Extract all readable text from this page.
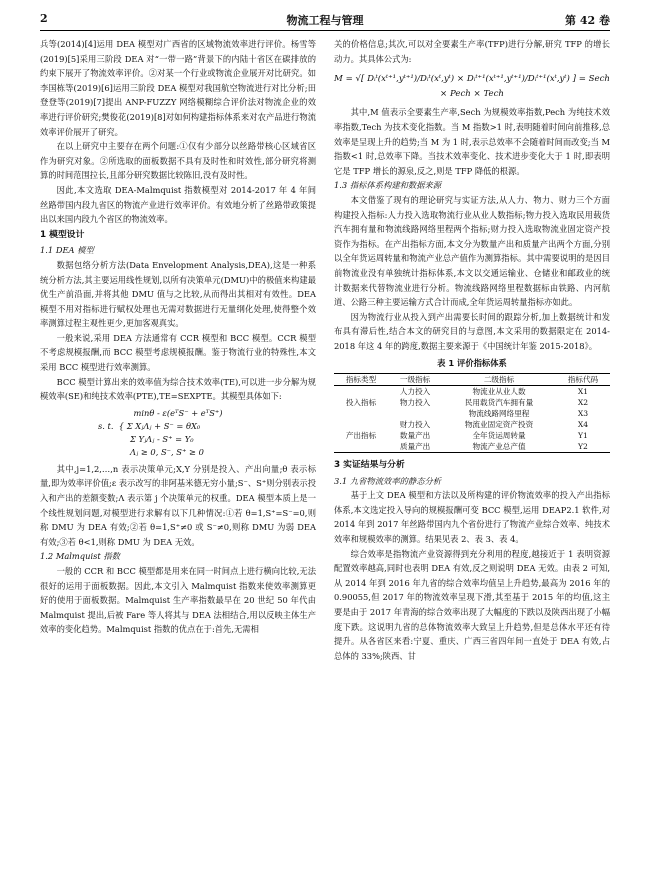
2	物流工程与管理	第 42 卷

兵等(2014)[4]运用 DEA 模型对广西省的区域物流效率进行评价。杨雪等(2019)[5]采用三阶段 DEA 对“一带一路”背景下的内陆十省区在碳排放的约束下展开了物流效率评价。②对某一个行业或物流企业展开对比研究。如李国栋等(2019)[6]运用三阶段 DEA 模型对我国航空物流进行对比分析;田登登等(2019)[7]提出 ANP-FUZZY 网络模糊综合评价法对物流企业的效率进行评价研究;樊俊花(2019)[8]对如何构建指标体系来对农产品进行物流效率评价展开了研究。

在以上研究中主要存在两个问题:①仅有少部分以丝路带核心区域省区作为研究对象。②所选取的面板数据不具有及时性和时效性,部分研究将测算的时间范围拉长,且部分研究数据比较陈旧,没有及时性。

因此,本文选取 DEA-Malmquist 指数模型对 2014-2017 年 4 年间丝路带国内段九省区的物流产业进行效率评价。有效地分析了丝路带政策提出以来国内段九个省区的物流效率。

1 模型设计
1.1 DEA 模型

数据包络分析方法(Data Envelopment Analysis,DEA),这是一种系统分析方法,其主要运用线性规划,以所有决策单元(DMU)中的极值来构建最优生产前沿面,并将其他 DMU 值与之比较,从而得出其相对有效性。DEA 模型不用对指标进行赋权处理也无需对数据进行无量纲化处理,使得整个效率测算过程主观性更少,更加客观真实。

一般来说,采用 DEA 方法通常有 CCR 模型和 BCC 模型。CCR 模型不考虑规模报酬,而 BCC 模型考虑规模报酬。鉴于物流行业的特殊性,本文采用 BCC 模型进行效率测算。

BCC 模型计算出来的效率值为综合技术效率(TE),可以进一步分解为规模效率(SE)和纯技术效率(PTE),TE=SEXPTE。其模型具体如下:

minθ - ε(eᵀS⁻ + eᵀS⁺)
s. t.  { Σ XⱼΛⱼ + S⁻ = θX₀
Σ YⱼΛⱼ - S⁺ = Y₀
Λⱼ ≥ 0, S⁻, S⁺ ≥ 0

其中,j=1,2,…,n 表示决策单元;X,Y 分别是投入、产出向量;θ 表示标量,即为效率评价值;ε 表示改写的非阿基米德无穷小量;S⁻、S⁺则分别表示投入和产出的差额变数;Λ 表示第 j 个决策单元的权重。DEA 模型本质上是一个线性规划问题,对模型进行求解有以下几种情况:①若 θ=1,S⁺=S⁻=0,则称 DMU 为 DEA 有效;②若 θ=1,S⁺≠0 或 S⁻≠0,则称 DMU 为弱 DEA 有效;③若 θ<1,则称 DMU 为 DEA 无效。

1.2 Malmquist 指数

一般的 CCR 和 BCC 模型都是用来在同一时间点上进行横向比较,无法很好的运用于面板数据。因此,本文引入 Malmquist 指数来使效率测算更好的使用于面板数据。Malmquist 生产率指数最早在 20 世纪 50 年代由 Malmquist 提出,后被 Fare 等人将其与 DEA 法相结合,用以反映主体生产效率的变化趋势。Malmquist 指数的优点在于:首先,无需相

关的价格信息;其次,可以对全要素生产率(TFP)进行分解,研究 TFP 的增长动力。其具体公式为:

M = √[ Dᵢᵗ(xᵗ⁺¹,yᵗ⁺¹)/Dᵢᵗ(xᵗ,yᵗ) × Dᵢᵗ⁺¹(xᵗ⁺¹,yᵗ⁺¹)/Dᵢᵗ⁺¹(xᵗ,yᵗ) ] = Sech × Pech × Tech

其中,M 值表示全要素生产率,Sech 为规模效率指数,Pech 为纯技术效率指数,Tech 为技术变化指数。当 M 指数>1 时,表明随着时间向前推移,总效率是呈现上升的趋势;当 M 为 1 时,表示总效率不会随着时间而改变;当 M 指数<1 时,总效率下降。当技术效率变化、技术进步变化大于 1 时,即表明它是 TFP 增长的源泉,反之,则是 TFP 降低的根源。

1.3 指标体系构建和数据来源

本文借鉴了现有的理论研究与实证方法,从人力、物力、财力三个方面构建投入指标:人力投入选取物流行业从业人数指标;物力投入选取民用载货汽车拥有量和物流线路网络里程两个指标;财力投入选取物流业固定资产投资作为指标。在产出指标方面,本文分为数量产出和质量产出两个方面,分别以全年货运周转量和物流产业总产值作为测算指标。其中需要说明的是因目前物流业没有单独统计指标体系,本文以交通运输业、仓储业和邮政业的统计数据来代替物流业进行分析。物流线路网络里程数据标由铁路、内河航道、公路三种主要运输方式合计而成,全年货运周转量指标亦如此。

因为物流行业从投入到产出需要长时间的跟踪分析,加上数据统计和发布具有滞后性,结合本文的研究目的与意图,本文采用的数据限定在 2014-2018 年这 4 年的跨度,数据主要来源于《中国统计年鉴 2015-2018》。

表 1 评价指标体系
指标类型	一级指标	二级指标	指标代码
	人力投入	物流业从业人数	X1
投入指标	物力投入	民用载货汽车拥有量	X2
		物流线路网络里程	X3
	财力投入	物流业固定资产投资	X4
产出指标	数量产出	全年货运周转量	Y1
	质量产出	物流产业总产值	Y2
3 实证结果与分析
3.1 九省物流效率的静态分析

基于上文 DEA 模型和方法以及所构建的评价物流效率的投入产出指标体系,本文选定投入导向的规模报酬可变 BCC 模型,运用 DEAP2.1 软件,对 2014 年到 2017 年丝路带国内九个省份进行了物流产业综合效率、纯技术效率和规模效率的测算。结果见表 2、表 3、表 4。

综合效率是指物流产业资源得到充分利用的程度,越接近于 1 表明资源配置效率越高,同时也表明 DEA 有效,反之则说明 DEA 无效。由表 2 可知,从 2014 年到 2016 年九省的综合效率均值呈上升趋势,最高为 2016 年的 0.90055,但 2017 年的物流效率呈现下滑,其至基于 2015 年的均值,这主要是由于 2017 年青海的综合效率出现了大幅度的下跌以及陕西出现了小幅度下跌。这说明九省的总体物流效率大致呈上升趋势,但是总体水平还有待提升。从各省区来看:宁夏、重庆、广西三省四年间一直处于 DEA 有效,占总体的 33%;陕西、甘
